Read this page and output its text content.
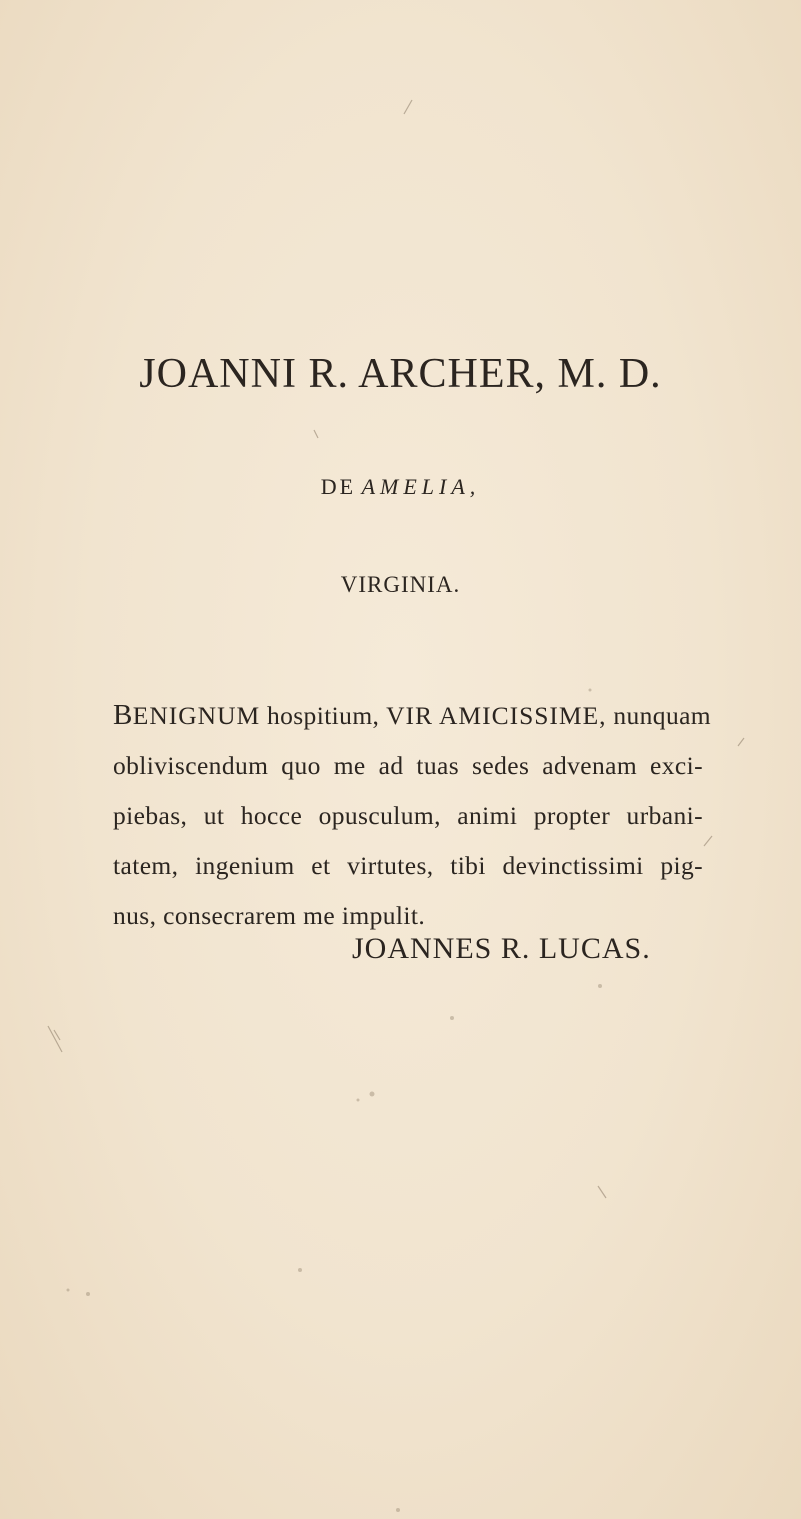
JOANNI R. ARCHER, M. D.
DE AMELIA,
VIRGINIA.
BENIGNUM hospitium, VIR AMICISSIME, nunquam
obliviscendum quo me ad tuas sedes advenam exci-
piebas, ut hocce opusculum, animi propter urbani-
tatem, ingenium et virtutes, tibi devinctissimi pig-
nus, consecrarem me impulit.
JOANNES R. LUCAS.
